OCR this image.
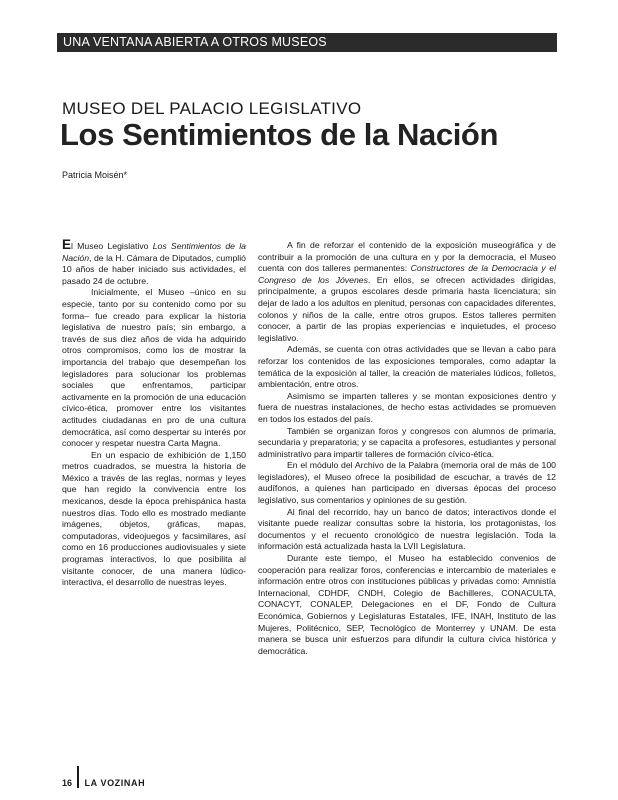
UNA VENTANA ABIERTA A OTROS MUSEOS
MUSEO DEL PALACIO LEGISLATIVO
Los Sentimientos de la Nación
Patricia Moisén*

El Museo Legislativo Los Sentimientos de la Nación, de la H. Cámara de Diputados, cumplió 10 años de haber iniciado sus actividades, el pasado 24 de octubre.

Inicialmente, el Museo –único en su especie, tanto por su contenido como por su forma– fue creado para explicar la historia legislativa de nuestro país; sin embargo, a través de sus diez años de vida ha adquirido otros compromisos, como los de mostrar la importancia del trabajo que desempeñan los legisladores para solucionar los problemas sociales que enfrentamos, participar activamente en la promoción de una educación cívico-ética, promover entre los visitantes actitudes ciudadanas en pro de una cultura democrática, así como despertar su interés por conocer y respetar nuestra Carta Magna.

En un espacio de exhibición de 1,150 metros cuadrados, se muestra la historia de México a través de las reglas, normas y leyes que han regido la convivencia entre los mexicanos, desde la época prehispánica hasta nuestros días. Todo ello es mostrado mediante imágenes, objetos, gráficas, mapas, computadoras, videojuegos y facsimilares, así como en 16 producciones audiovisuales y siete programas interactivos, lo que posibilita al visitante conocer, de una manera lúdico-interactiva, el desarrollo de nuestras leyes.

A fin de reforzar el contenido de la exposición museográfica y de contribuir a la promoción de una cultura en y por la democracia, el Museo cuenta con dos talleres permanentes: Constructores de la Democracia y el Congreso de los Jóvenes. En ellos, se ofrecen actividades dirigidas, principalmente, a grupos escolares desde primaria hasta licenciatura; sin dejar de lado a los adultos en plenitud, personas con capacidades diferentes, colonos y niños de la calle, entre otros grupos. Estos talleres permiten conocer, a partir de las propias experiencias e inquietudes, el proceso legislativo.

Además, se cuenta con otras actividades que se llevan a cabo para reforzar los contenidos de las exposiciones temporales, como adaptar la temática de la exposición al taller, la creación de materiales lúdicos, folletos, ambientación, entre otros.

Asimismo se imparten talleres y se montan exposiciones dentro y fuera de nuestras instalaciones, de hecho estas actividades se promueven en todos los estados del país.

También se organizan foros y congresos con alumnos de primaria, secundaria y preparatoria; y se capacita a profesores, estudiantes y personal administrativo para impartir talleres de formación cívico-ética.

En el módulo del Archivo de la Palabra (memoria oral de más de 100 legisladores), el Museo ofrece la posibilidad de escuchar, a través de 12 audífonos, a quienes han participado en diversas épocas del proceso legislativo, sus comentarios y opiniones de su gestión.

Al final del recorrido, hay un banco de datos; interactivos donde el visitante puede realizar consultas sobre la historia, los protagonistas, los documentos y el recuento cronológico de nuestra legislación. Toda la información está actualizada hasta la LVII Legislatura.

Durante este tiempo, el Museo ha establecido convenios de cooperación para realizar foros, conferencias e intercambio de materiales e información entre otros con instituciones públicas y privadas como: Amnistía Internacional, CDHDF, CNDH, Colegio de Bachilleres, CONACULTA, CONACYT, CONALEP, Delegaciones en el DF, Fondo de Cultura Económica, Gobiernos y Legislaturas Estatales, IFE, INAH, Instituto de las Mujeres, Politécnico, SEP, Tecnológico de Monterrey y UNAM. De esta manera se busca unir esfuerzos para difundir la cultura cívica histórica y democrática.

16 LA VOZINAH
